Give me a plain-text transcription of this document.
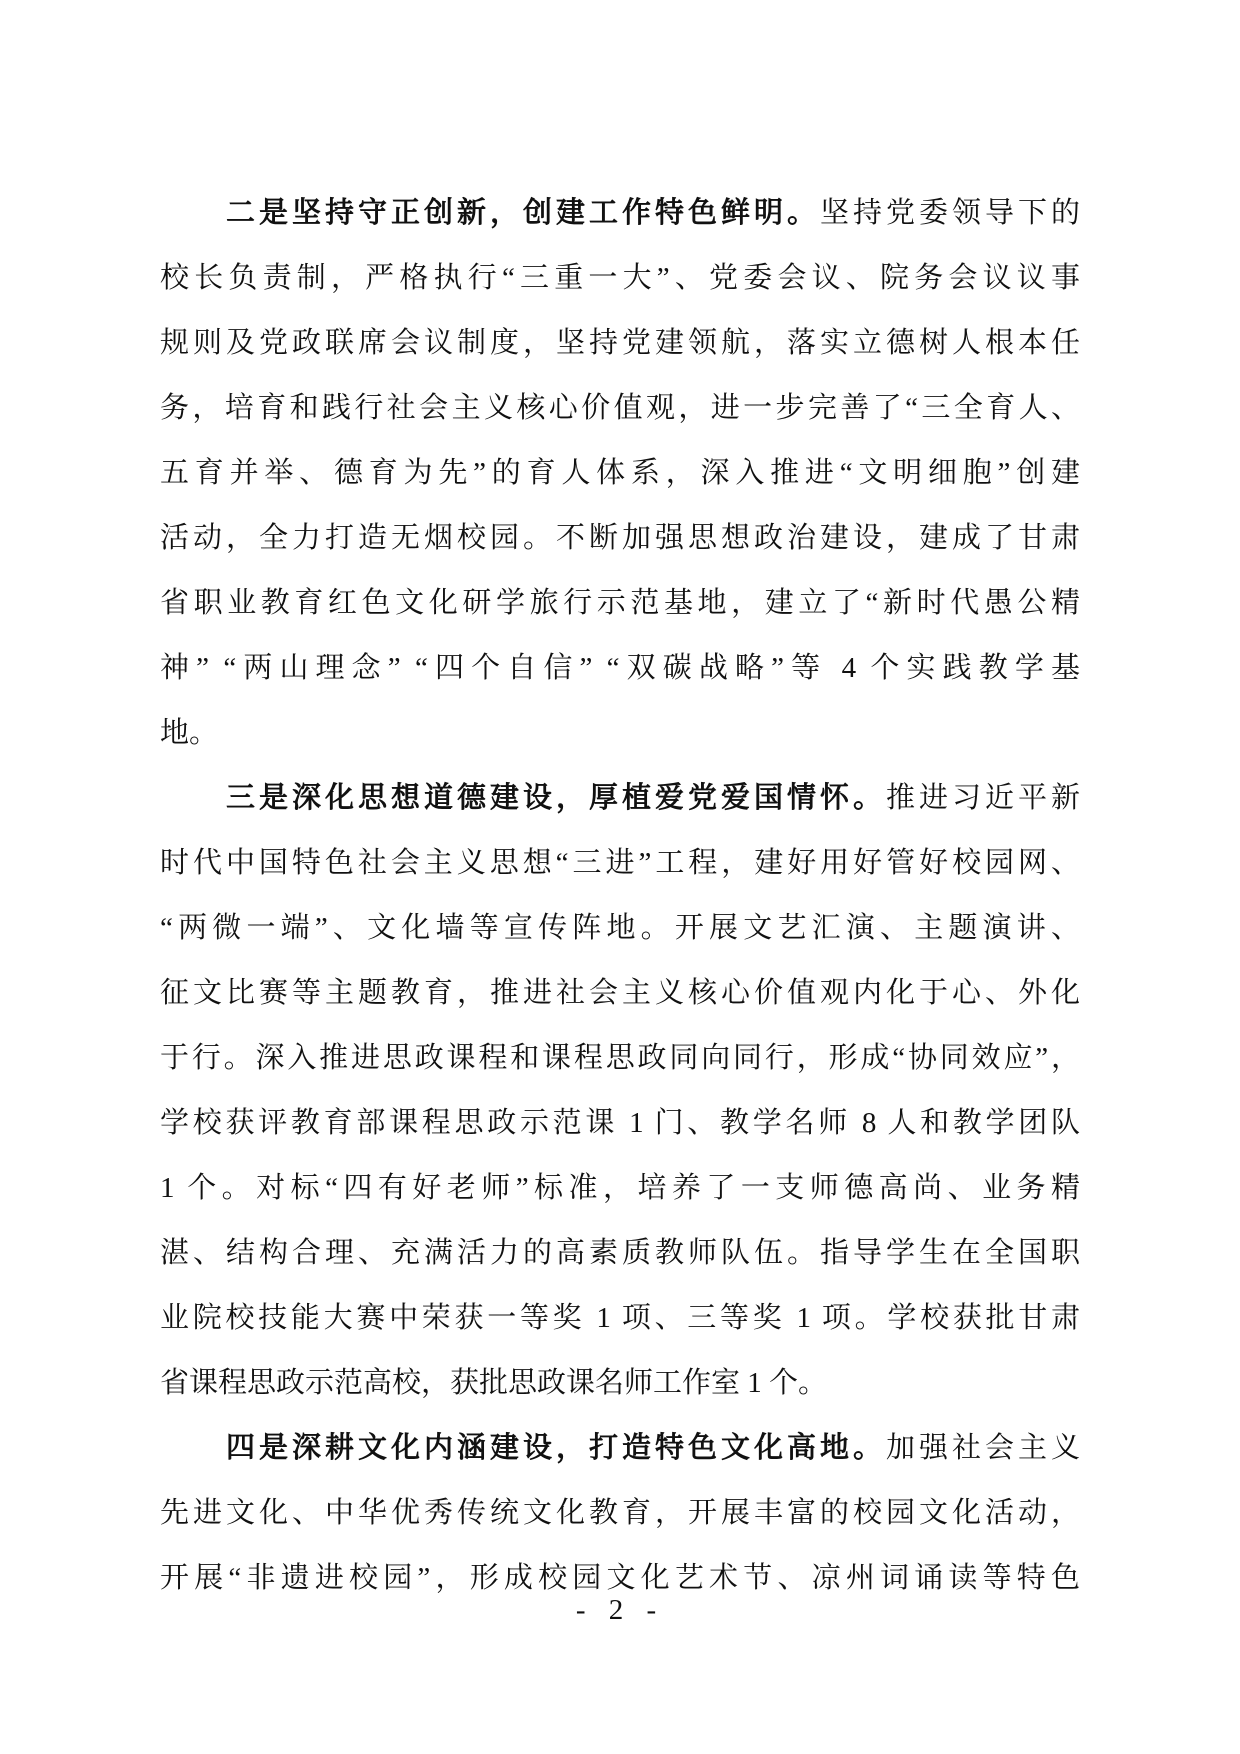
二是坚持守正创新，创建工作特色鲜明。坚持党委领导下的
校长负责制，严格执行“三重一大”、党委会议、院务会议议事
规则及党政联席会议制度，坚持党建领航，落实立德树人根本任
务，培育和践行社会主义核心价值观，进一步完善了“三全育人、
五育并举、德育为先”的育人体系，深入推进“文明细胞”创建
活动，全力打造无烟校园。不断加强思想政治建设，建成了甘肃
省职业教育红色文化研学旅行示范基地，建立了“新时代愚公精
神” “两山理念” “四个自信” “双碳战略”等 4 个实践教学基
地。
三是深化思想道德建设，厚植爱党爱国情怀。推进习近平新
时代中国特色社会主义思想“三进”工程，建好用好管好校园网、
“两微一端”、文化墙等宣传阵地。开展文艺汇演、主题演讲、
征文比赛等主题教育，推进社会主义核心价值观内化于心、外化
于行。深入推进思政课程和课程思政同向同行，形成“协同效应”，
学校获评教育部课程思政示范课 1 门、教学名师 8 人和教学团队
1 个。对标“四有好老师”标准，培养了一支师德高尚、业务精
湛、结构合理、充满活力的高素质教师队伍。指导学生在全国职
业院校技能大赛中荣获一等奖 1 项、三等奖 1 项。学校获批甘肃
省课程思政示范高校，获批思政课名师工作室 1 个。
四是深耕文化内涵建设，打造特色文化高地。加强社会主义
先进文化、中华优秀传统文化教育，开展丰富的校园文化活动，
开展“非遗进校园”，形成校园文化艺术节、凉州词诵读等特色
- 2 -
